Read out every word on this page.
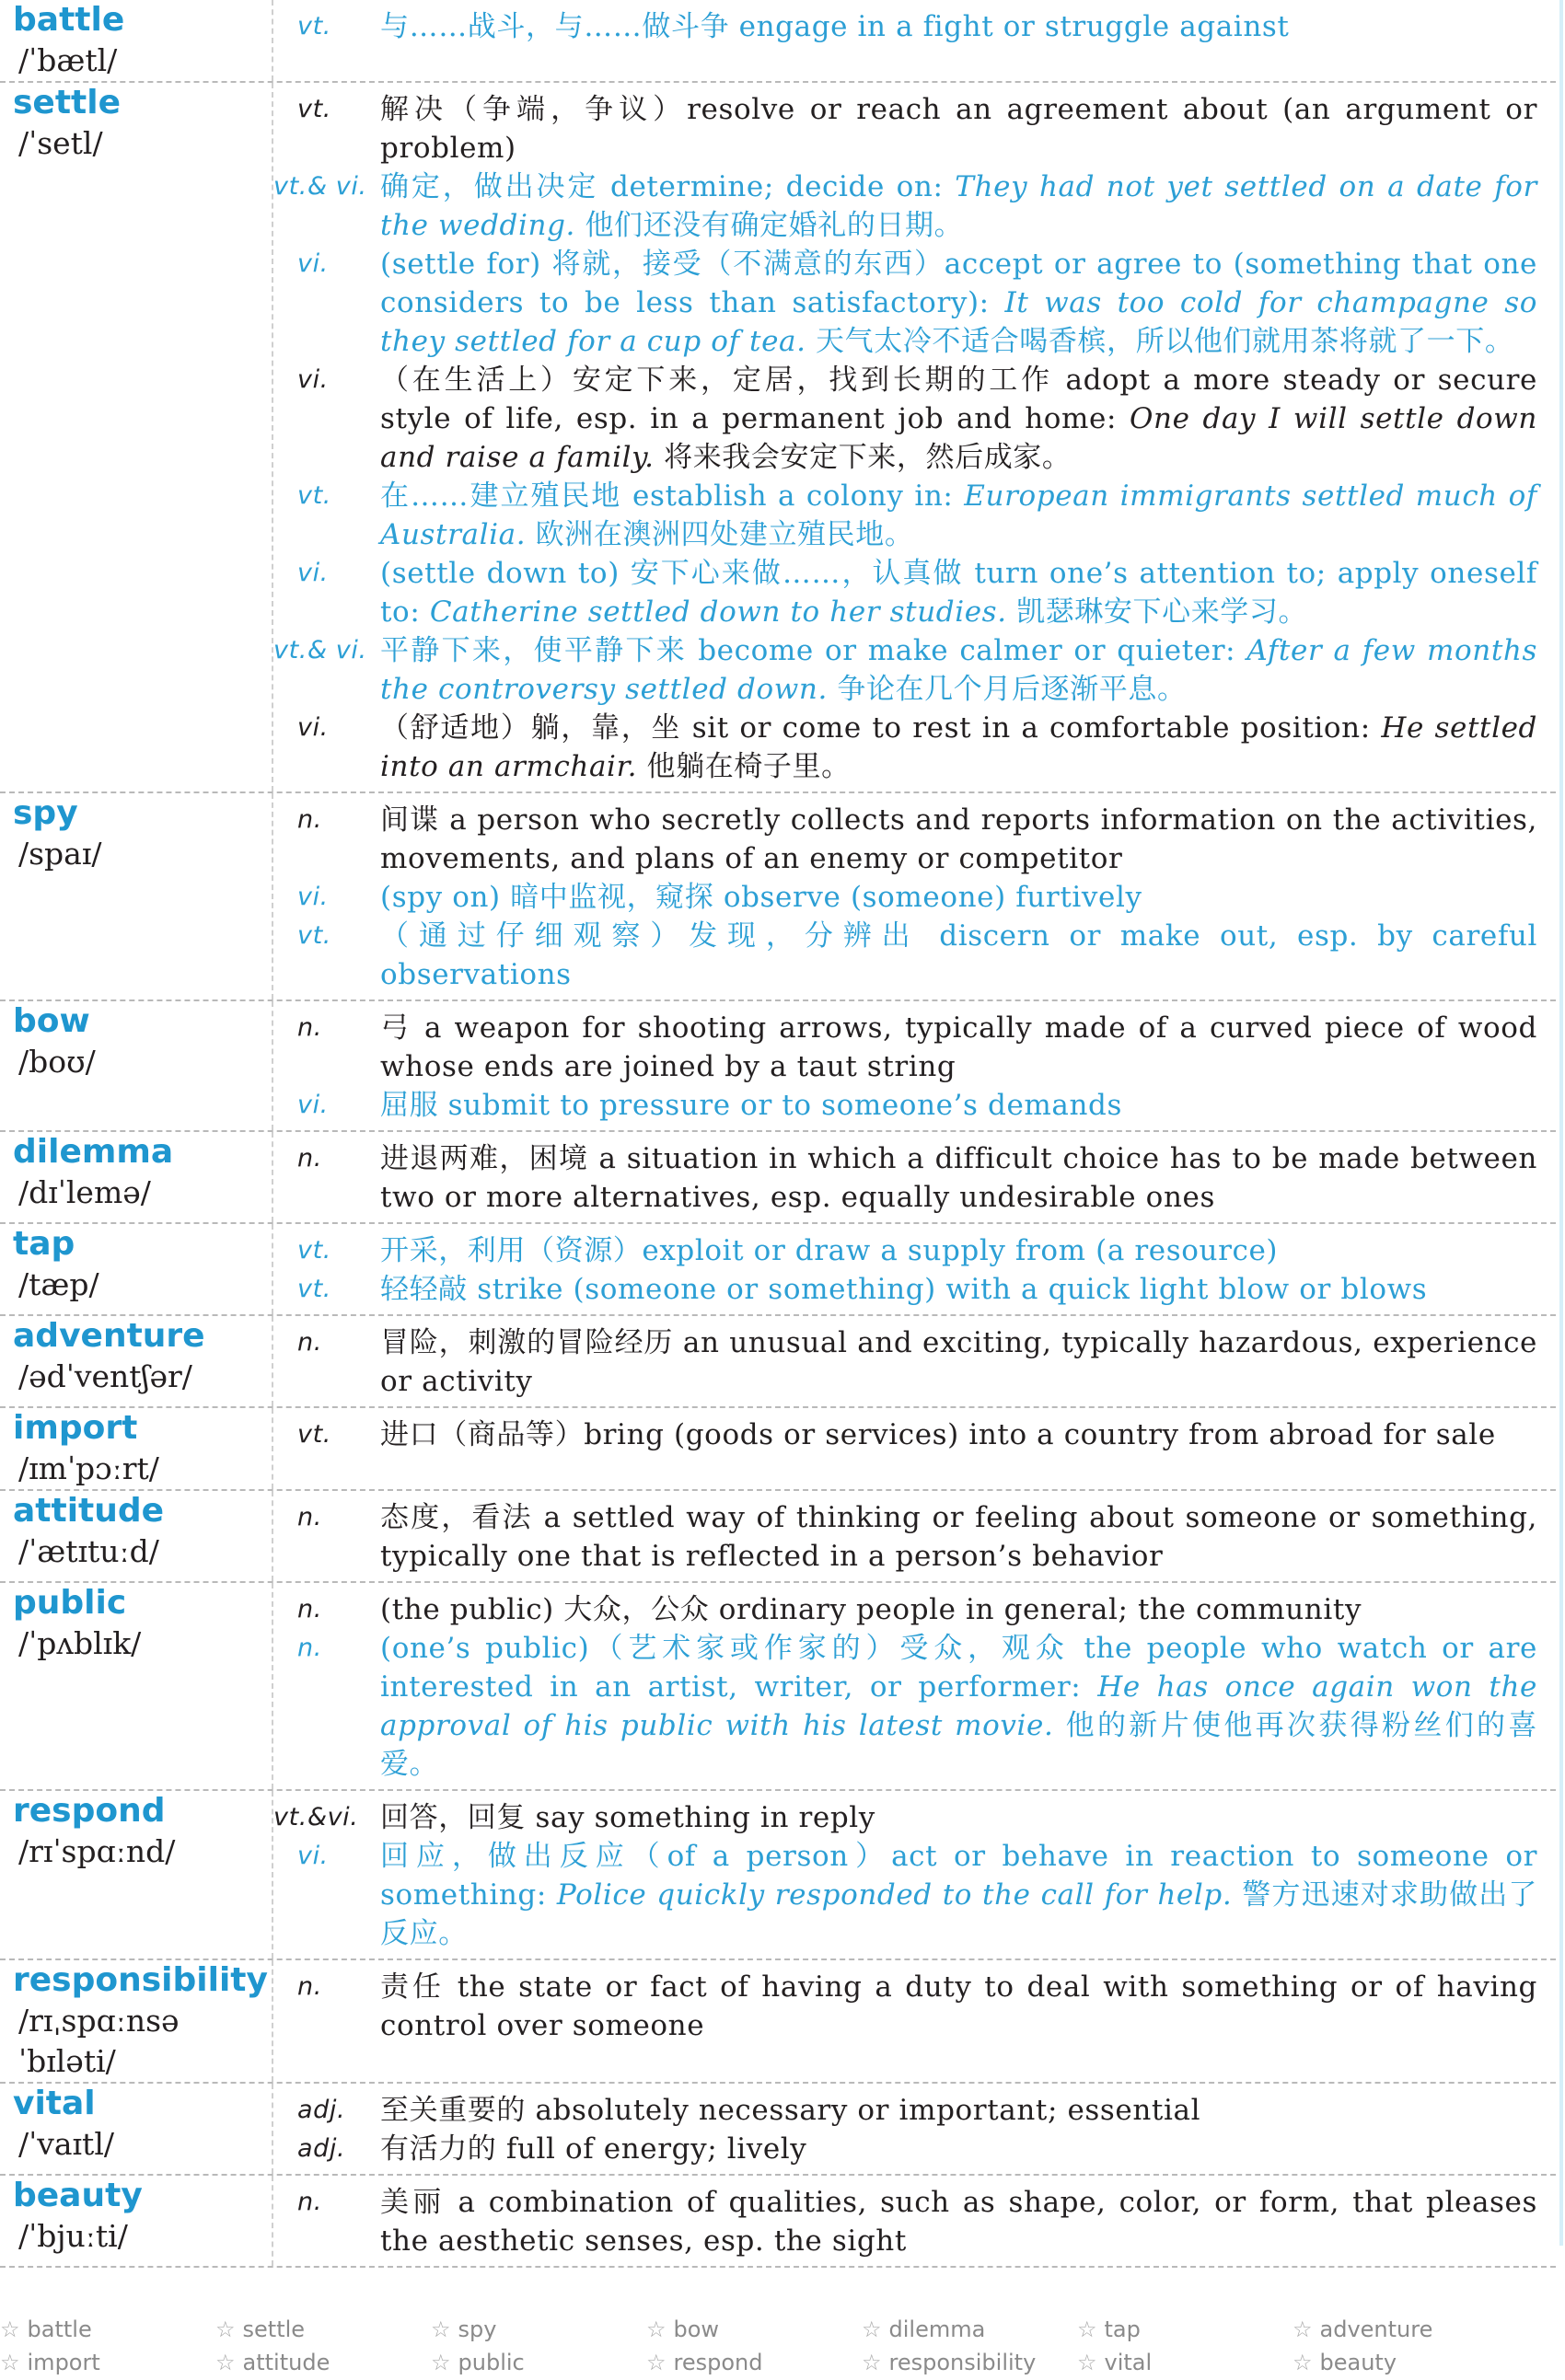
battle
/ˈbætl/
vt.	与……战斗，与……做斗争 engage in a fight or struggle against
settle
/ˈsetl/
vt.	解决（争端，争议）resolve or reach an agreement about (an argument or problem)
vt.& vi. 确定，做出决定 determine; decide on: They had not yet settled on a date for the wedding. 他们还没有确定婚礼的日期。
vi.	(settle for) 将就，接受（不满意的东西）accept or agree to (something that one considers to be less than satisfactory): It was too cold for champagne so they settled for a cup of tea. 天气太冷不适合喝香槟，所以他们就用茶将就了一下。
vi.	（在生活上）安定下来，定居，找到长期的工作 adopt a more steady or secure style of life, esp. in a permanent job and home: One day I will settle down and raise a family. 将来我会安定下来，然后成家。
vt.	在……建立殖民地 establish a colony in: European immigrants settled much of Australia. 欧洲在澳洲四处建立殖民地。
vi.	(settle down to) 安下心来做……，认真做 turn one’s attention to; apply oneself to: Catherine settled down to her studies. 凯瑟琳安下心来学习。
vt.& vi. 平静下来，使平静下来 become or make calmer or quieter: After a few months the controversy settled down. 争论在几个月后逐渐平息。
vi.	（舒适地）躺，靠，坐 sit or come to rest in a comfortable position: He settled into an armchair. 他躺在椅子里。
spy
/spaɪ/
n.	间谍 a person who secretly collects and reports information on the activities, movements, and plans of an enemy or competitor
vi.	(spy on) 暗中监视，窥探 observe (someone) furtively
vt.	（通过仔细观察）发现，分辨出 discern or make out, esp. by careful observations
bow
/boʊ/
n.	弓 a weapon for shooting arrows, typically made of a curved piece of wood whose ends are joined by a taut string
vi.	屈服 submit to pressure or to someone’s demands
dilemma
/dɪˈlemə/
n.	进退两难，困境 a situation in which a difficult choice has to be made between two or more alternatives, esp. equally undesirable ones
tap
/tæp/
vt.	开采，利用（资源）exploit or draw a supply from (a resource)
vt.	轻轻敲 strike (someone or something) with a quick light blow or blows
adventure
/ədˈventʃər/
n.	冒险，刺激的冒险经历 an unusual and exciting, typically hazardous, experience or activity
import
/ɪmˈpɔːrt/
vt.	进口（商品等）bring (goods or services) into a country from abroad for sale
attitude
/ˈætɪtuːd/
n.	态度，看法 a settled way of thinking or feeling about someone or something, typically one that is reflected in a person’s behavior
public
/ˈpʌblɪk/
n.	(the public) 大众，公众 ordinary people in general; the community
n.	(one’s public)（艺术家或作家的）受众，观众 the people who watch or are interested in an artist, writer, or performer: He has once again won the approval of his public with his latest movie. 他的新片使他再次获得粉丝们的喜爱。
respond
/rɪˈspɑːnd/
vt.&vi. 回答，回复 say something in reply
vi.	回应，做出反应（of a person）act or behave in reaction to someone or something: Police quickly responded to the call for help. 警方迅速对求助做出了反应。
responsibility
/rɪˌspɑːnsəˈbɪləti/
n.	责任 the state or fact of having a duty to deal with something or of having control over someone
vital
/ˈvaɪtl/
adj.	至关重要的 absolutely necessary or important; essential
adj.	有活力的 full of energy; lively
beauty
/ˈbjuːti/
n.	美丽 a combination of qualities, such as shape, color, or form, that pleases the aesthetic senses, esp. the sight
☆ battle	☆ settle	☆ spy	☆ bow	☆ dilemma	☆ tap	☆ adventure
☆ import	☆ attitude	☆ public	☆ respond	☆ responsibility	☆ vital	☆ beauty
